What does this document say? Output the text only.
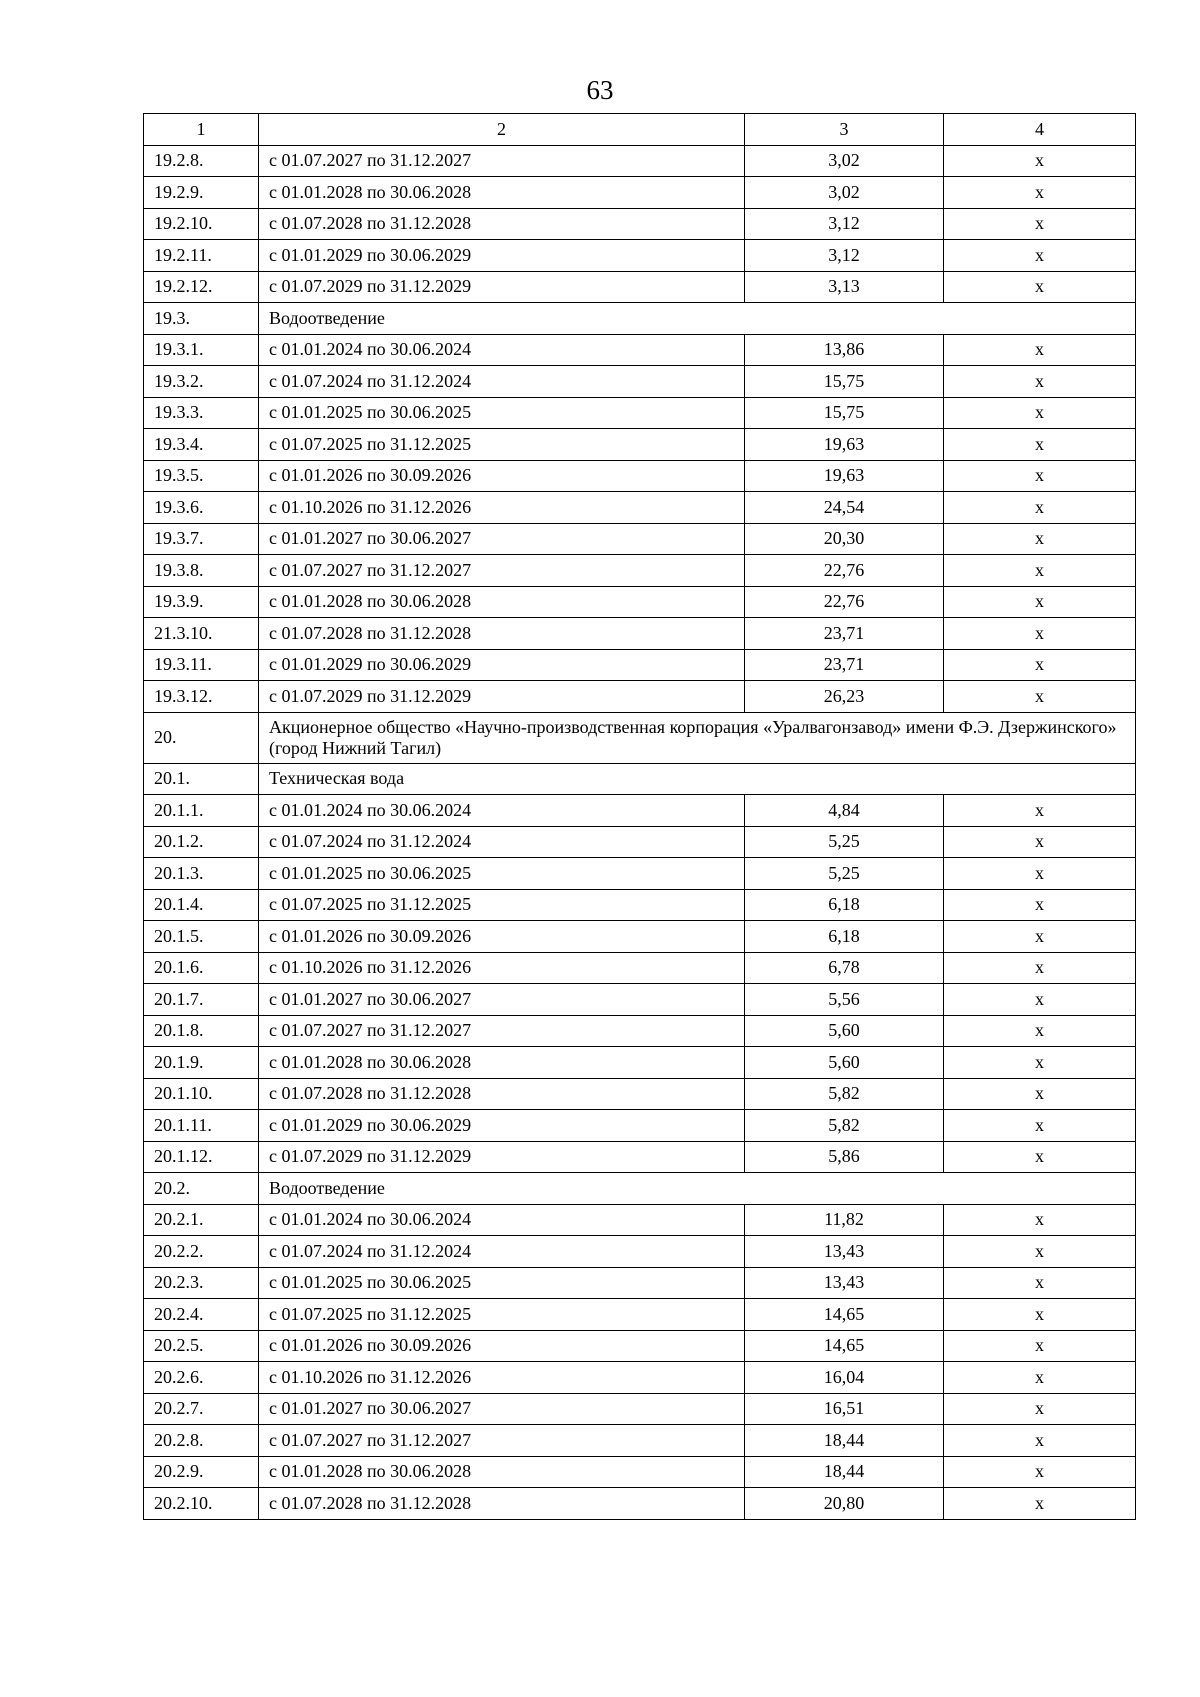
63
1	2	3	4
19.2.8.	с 01.07.2027 по 31.12.2027	3,02	х
19.2.9.	с 01.01.2028 по 30.06.2028	3,02	х
19.2.10.	с 01.07.2028 по 31.12.2028	3,12	х
19.2.11.	с 01.01.2029 по 30.06.2029	3,12	х
19.2.12.	с 01.07.2029 по 31.12.2029	3,13	х
19.3.	Водоотведение		
19.3.1.	с 01.01.2024 по 30.06.2024	13,86	х
19.3.2.	с 01.07.2024 по 31.12.2024	15,75	х
19.3.3.	с 01.01.2025 по 30.06.2025	15,75	х
19.3.4.	с 01.07.2025 по 31.12.2025	19,63	х
19.3.5.	с 01.01.2026 по 30.09.2026	19,63	х
19.3.6.	с 01.10.2026 по 31.12.2026	24,54	х
19.3.7.	с 01.01.2027 по 30.06.2027	20,30	х
19.3.8.	с 01.07.2027 по 31.12.2027	22,76	х
19.3.9.	с 01.01.2028 по 30.06.2028	22,76	х
21.3.10.	с 01.07.2028 по 31.12.2028	23,71	х
19.3.11.	с 01.01.2029 по 30.06.2029	23,71	х
19.3.12.	с 01.07.2029 по 31.12.2029	26,23	х
20.	Акционерное общество «Научно-производственная корпорация «Уралвагонзавод» имени Ф.Э. Дзержинского» (город Нижний Тагил)		
20.1.	Техническая вода		
20.1.1.	с 01.01.2024 по 30.06.2024	4,84	х
20.1.2.	с 01.07.2024 по 31.12.2024	5,25	х
20.1.3.	с 01.01.2025 по 30.06.2025	5,25	х
20.1.4.	с 01.07.2025 по 31.12.2025	6,18	х
20.1.5.	с 01.01.2026 по 30.09.2026	6,18	х
20.1.6.	с 01.10.2026 по 31.12.2026	6,78	х
20.1.7.	с 01.01.2027 по 30.06.2027	5,56	х
20.1.8.	с 01.07.2027 по 31.12.2027	5,60	х
20.1.9.	с 01.01.2028 по 30.06.2028	5,60	х
20.1.10.	с 01.07.2028 по 31.12.2028	5,82	х
20.1.11.	с 01.01.2029 по 30.06.2029	5,82	х
20.1.12.	с 01.07.2029 по 31.12.2029	5,86	х
20.2.	Водоотведение		
20.2.1.	с 01.01.2024 по 30.06.2024	11,82	х
20.2.2.	с 01.07.2024 по 31.12.2024	13,43	х
20.2.3.	с 01.01.2025 по 30.06.2025	13,43	х
20.2.4.	с 01.07.2025 по 31.12.2025	14,65	х
20.2.5.	с 01.01.2026 по 30.09.2026	14,65	х
20.2.6.	с 01.10.2026 по 31.12.2026	16,04	х
20.2.7.	с 01.01.2027 по 30.06.2027	16,51	х
20.2.8.	с 01.07.2027 по 31.12.2027	18,44	х
20.2.9.	с 01.01.2028 по 30.06.2028	18,44	х
20.2.10.	с 01.07.2028 по 31.12.2028	20,80	х
